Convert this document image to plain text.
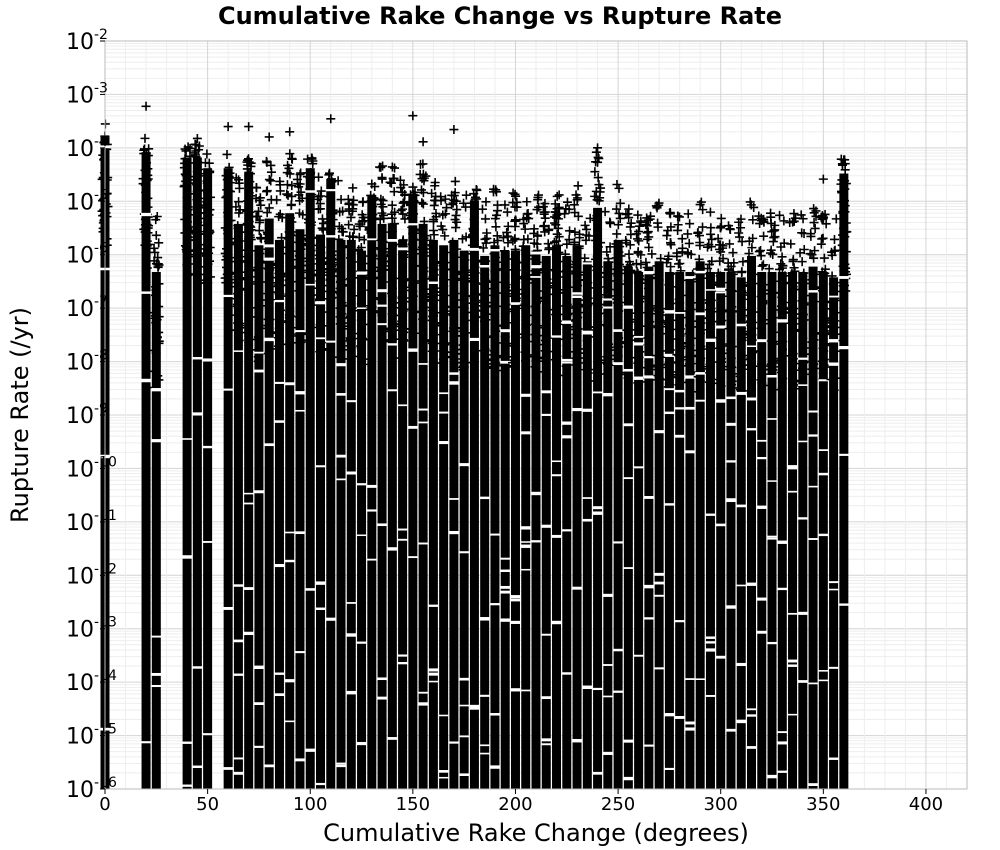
Cumulative Rake Change vs Rupture Rate
0	50	100	150	200	250	300	350	400
$10^{-2}$
$10^{-3}$
$10^{-4}$
$10^{-5}$
$10^{-6}$
$10^{-7}$
$10^{-8}$
$10^{-9}$
$10^{-10}$
$10^{-11}$
$10^{-12}$
$10^{-13}$
$10^{-14}$
$10^{-15}$
$10^{-16}$
Cumulative Rake Change (degrees)
Rupture Rate (/yr)
